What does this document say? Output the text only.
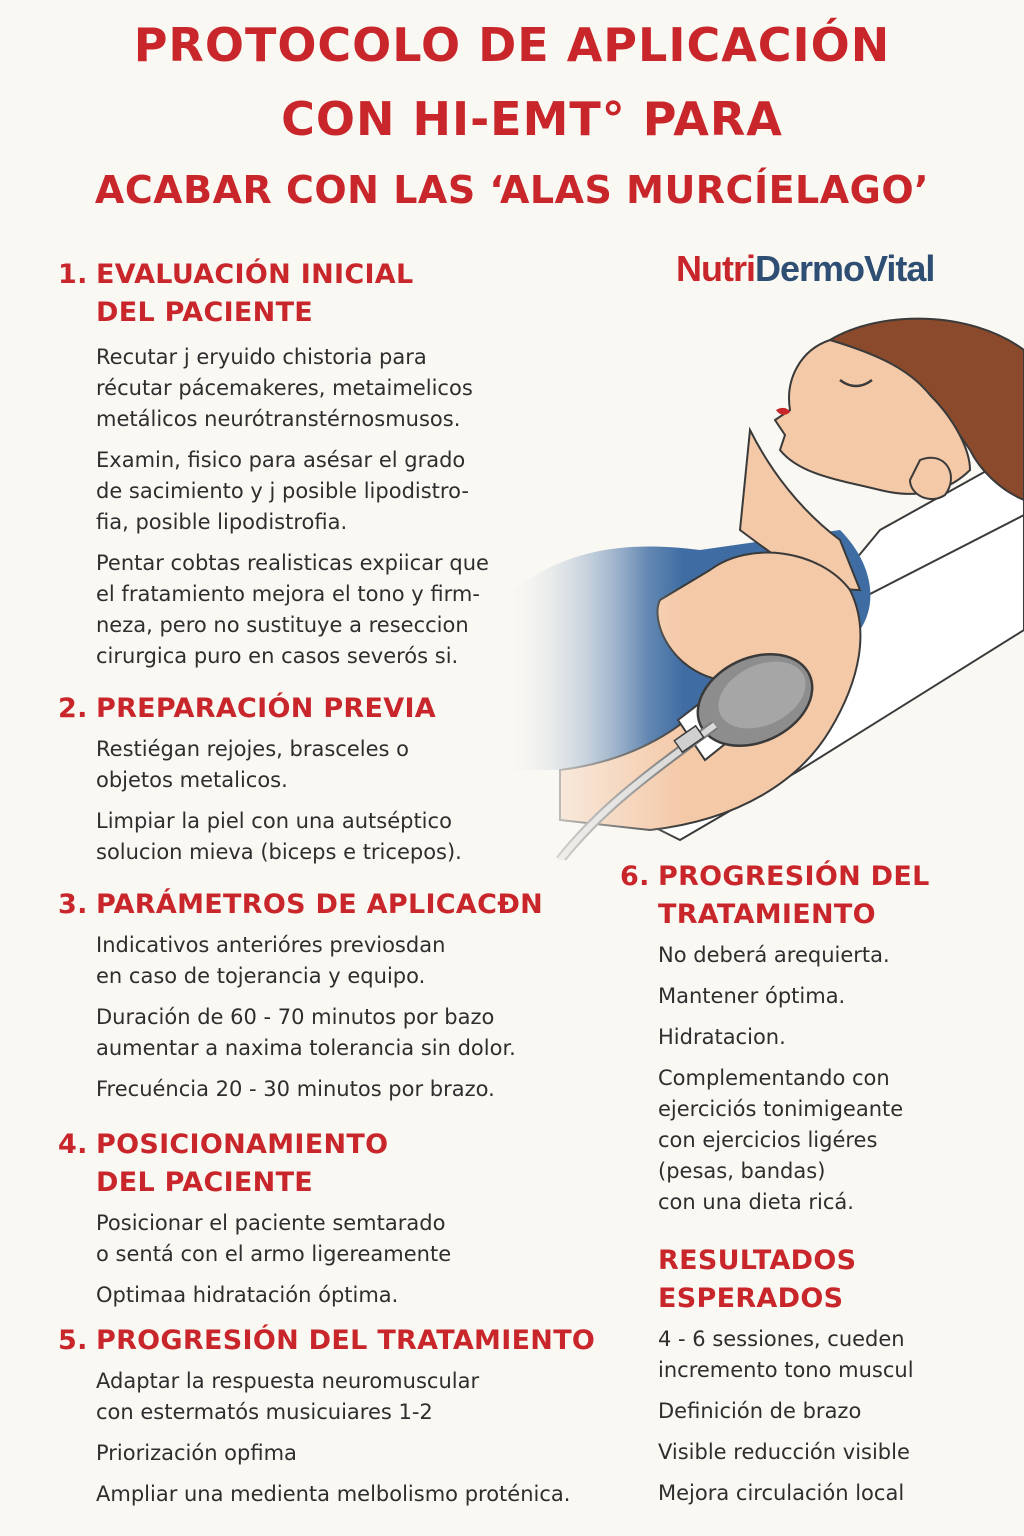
PROTOCOLO DE APLICACIÓN
CON HI-EMT° PARA
ACABAR CON LAS ‘ALAS MURCÍELAGO’
NutriDermoVital
1. EVALUACIÓN INICIAL
DEL PACIENTE

Recutar j eryuido chistoria para
récutar pácemakeres, metaimelicos
metálicos neurótranstérnosmusos.

Examin, fisico para asésar el grado
de sacimiento y j posible lipodistro-
fia, posible lipodistrofia.

Pentar cobtas realisticas expiicar que
el fratamiento mejora el tono y firm-
neza, pero no sustituye a reseccion
cirurgica puro en casos severós si.

2. PREPARACIÓN PREVIA

Restiégan rejojes, brasceles o
objetos metalicos.

Limpiar la piel con una autséptico
solucion mieva (biceps e tricepos).

3. PARÁMETROS DE APLICACÐN

Indicativos anterióres previosdan
en caso de tojerancia y equipo.

Duración de 60 - 70 minutos por bazo
aumentar a naxima tolerancia sin dolor.

Frecuéncia 20 - 30 minutos por brazo.

4. POSICIONAMIENTO
DEL PACIENTE

Posicionar el paciente semtarado
o sentá con el armo ligereamente

Optimaa hidratación óptima.

5. PROGRESIÓN DEL TRATAMIENTO

Adaptar la respuesta neuromuscular
con estermatós musicuiares 1-2

Priorización opfima

Ampliar una medienta melbolismo proténica.

6. PROGRESIÓN DEL
TRATAMIENTO

No deberá arequierta.

Mantener óptima.

Hidratacion.

Complementando con
ejerciciós tonimigeante
con ejercicios ligéres
(pesas, bandas)
con una dieta ricá.

RESULTADOS
ESPERADOS

4 - 6 sessiones, cueden
incremento tono muscul

Definición de brazo

Visible reducción visible

Mejora circulación local
